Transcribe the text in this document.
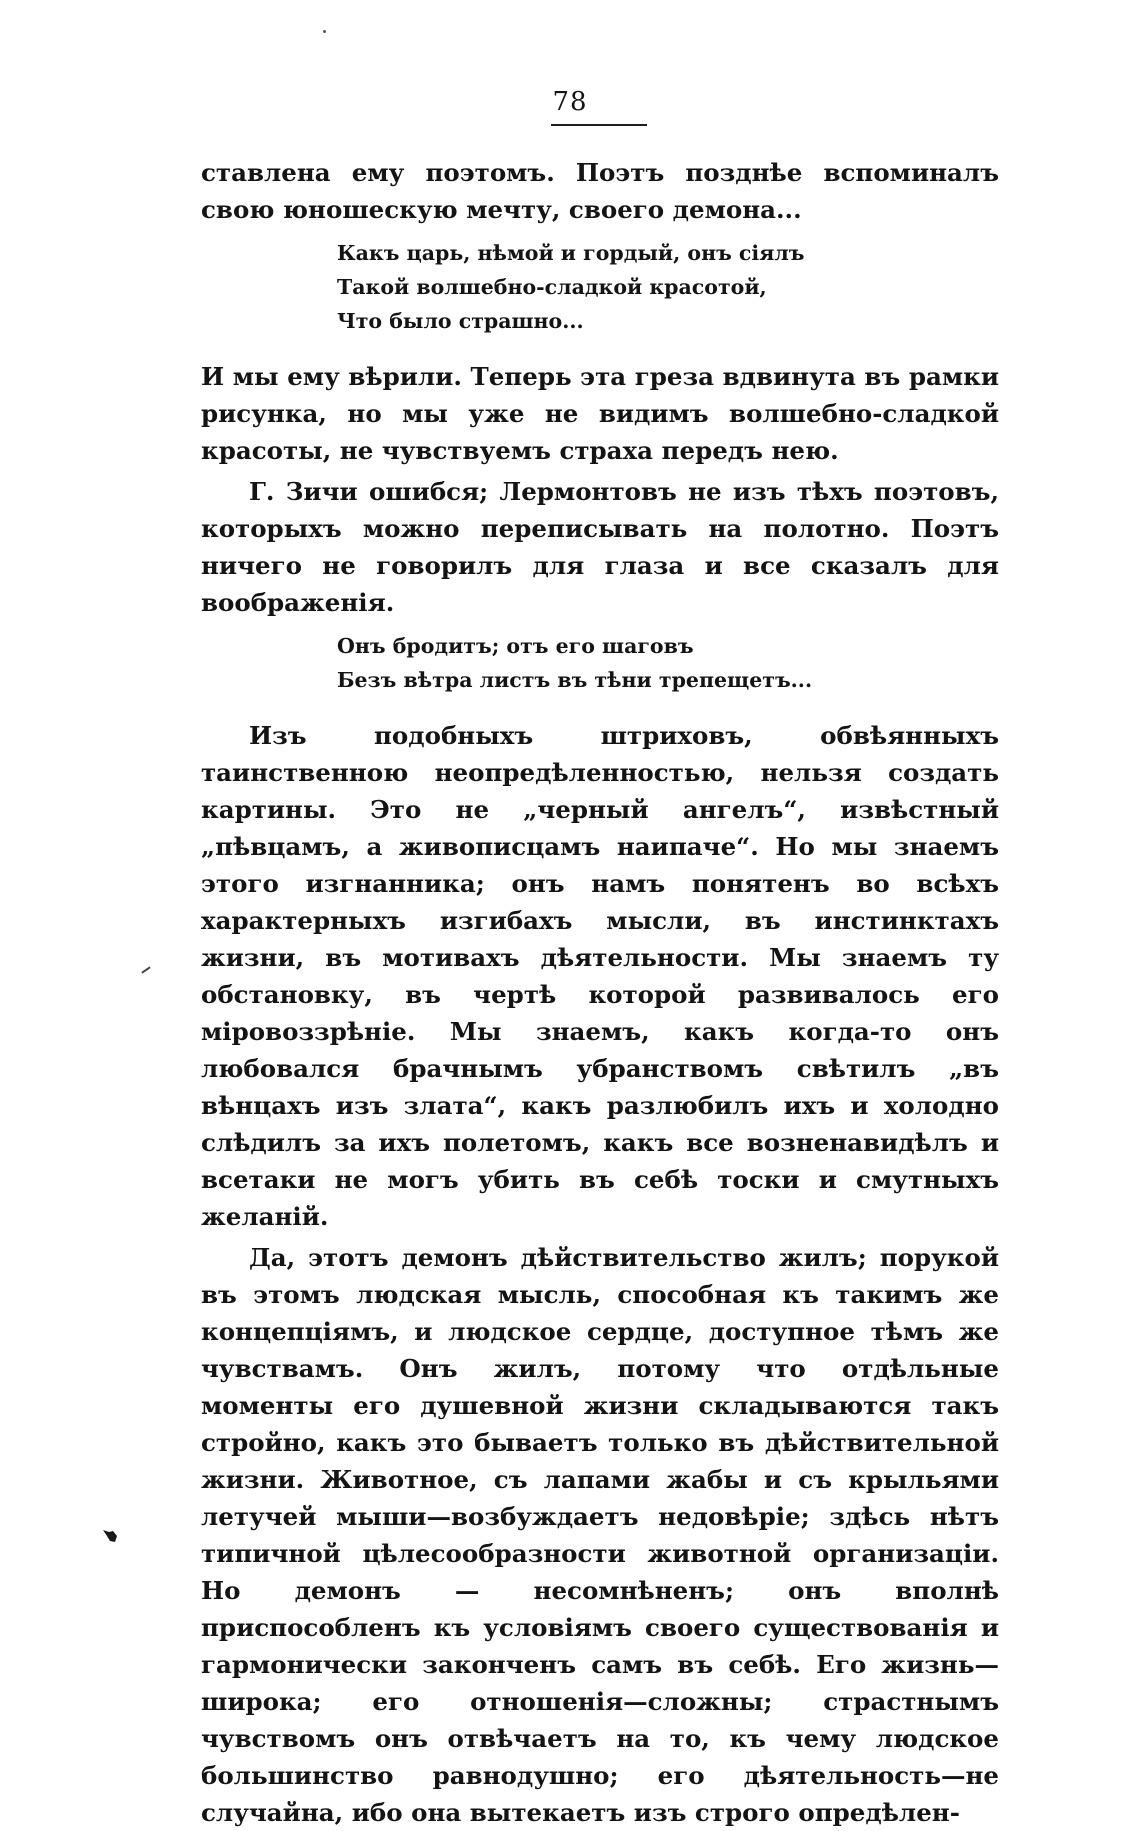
78

ставлена ему поэтомъ. Поэтъ позднѣе вспоминалъ свою юношескую мечту, своего демона...

Какъ царь, нѣмой и гордый, онъ сіялъ
Такой волшебно-сладкой красотой,
Что было страшно...

И мы ему вѣрили. Теперь эта греза вдвинута въ рамки рисунка, но мы уже не видимъ волшебно-сладкой красоты, не чувствуемъ страха передъ нею.

Г. Зичи ошибся; Лермонтовъ не изъ тѣхъ поэтовъ, которыхъ можно переписывать на полотно. Поэтъ ничего не говорилъ для глаза и все сказалъ для воображенія.

Онъ бродитъ; отъ его шаговъ
Безъ вѣтра листъ въ тѣни трепещетъ...

Изъ подобныхъ штриховъ, обвѣянныхъ таинственною неопредѣленностью, нельзя создать картины. Это не „черный ангелъ“, извѣстный „пѣвцамъ, а живописцамъ наипаче“. Но мы знаемъ этого изгнанника; онъ намъ понятенъ во всѣхъ характерныхъ изгибахъ мысли, въ инстинктахъ жизни, въ мотивахъ дѣятельности. Мы знаемъ ту обстановку, въ чертѣ которой развивалось его міровоззрѣніе. Мы знаемъ, какъ когда-то онъ любовался брачнымъ убранствомъ свѣтилъ „въ вѣнцахъ изъ злата“, какъ разлюбилъ ихъ и холодно слѣдилъ за ихъ полетомъ, какъ все возненавидѣлъ и всетаки не могъ убить въ себѣ тоски и смутныхъ желаній.

Да, этотъ демонъ дѣйствительство жилъ; порукой въ этомъ людская мысль, способная къ такимъ же концепціямъ, и людское сердце, доступное тѣмъ же чувствамъ. Онъ жилъ, потому что отдѣльные моменты его душевной жизни складываются такъ стройно, какъ это бываетъ только въ дѣйствительной жизни. Животное, съ лапами жабы и съ крыльями летучей мыши—возбуждаетъ недовѣріе; здѣсь нѣтъ типичной цѣлесообразности животной организаціи. Но демонъ — несомнѣненъ; онъ вполнѣ приспособленъ къ условіямъ своего существованія и гармонически законченъ самъ въ себѣ. Его жизнь—широка; его отношенія—сложны; страстнымъ чувствомъ онъ отвѣчаетъ на то, къ чему людское большинство равнодушно; его дѣятельность—не случайна, ибо она вытекаетъ изъ строго опредѣлен-
